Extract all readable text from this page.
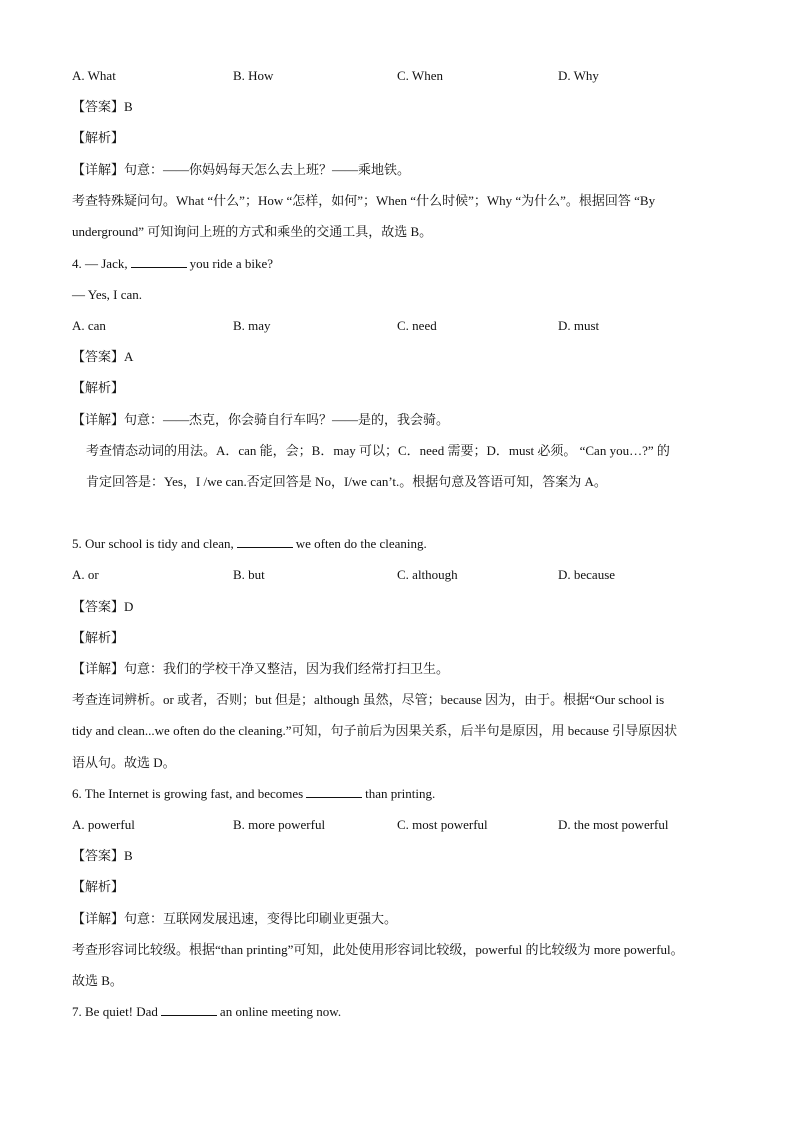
A. What	B. How	C. When	D. Why
【答案】B
【解析】
【详解】句意：——你妈妈每天怎么去上班？——乘地铁。
考查特殊疑问句。What “什么”；How “怎样，如何”；When “什么时候”；Why “为什么”。根据回答 “By
underground” 可知询问上班的方式和乘坐的交通工具，故选 B。
4. — Jack,	you ride a bike?
— Yes, I can.
A. can	B. may	C. need	D. must
【答案】A
【解析】
【详解】句意：——杰克，你会骑自行车吗？——是的，我会骑。
考查情态动词的用法。A．can 能，会；B．may 可以；C．need 需要；D．must 必须。 “Can you…?” 的
肯定回答是：Yes，I /we can.否定回答是 No，I/we can’t.。根据句意及答语可知，答案为 A。
5. Our school is tidy and clean,	we often do the cleaning.
A. or	B. but	C. although	D. because
【答案】D
【解析】
【详解】句意：我们的学校干净又整洁，因为我们经常打扫卫生。
考查连词辨析。or 或者，否则；but 但是；although 虽然，尽管；because 因为，由于。根据“Our school is
tidy and clean...we often do the cleaning.”可知，句子前后为因果关系，后半句是原因，用 because 引导原因状
语从句。故选 D。
6. The Internet is growing fast, and becomes	than printing.
A. powerful	B. more powerful	C. most powerful	D. the most powerful
【答案】B
【解析】
【详解】句意：互联网发展迅速，变得比印刷业更强大。
考查形容词比较级。根据“than printing”可知，此处使用形容词比较级，powerful 的比较级为 more powerful。
故选 B。
7. Be quiet! Dad	an online meeting now.
